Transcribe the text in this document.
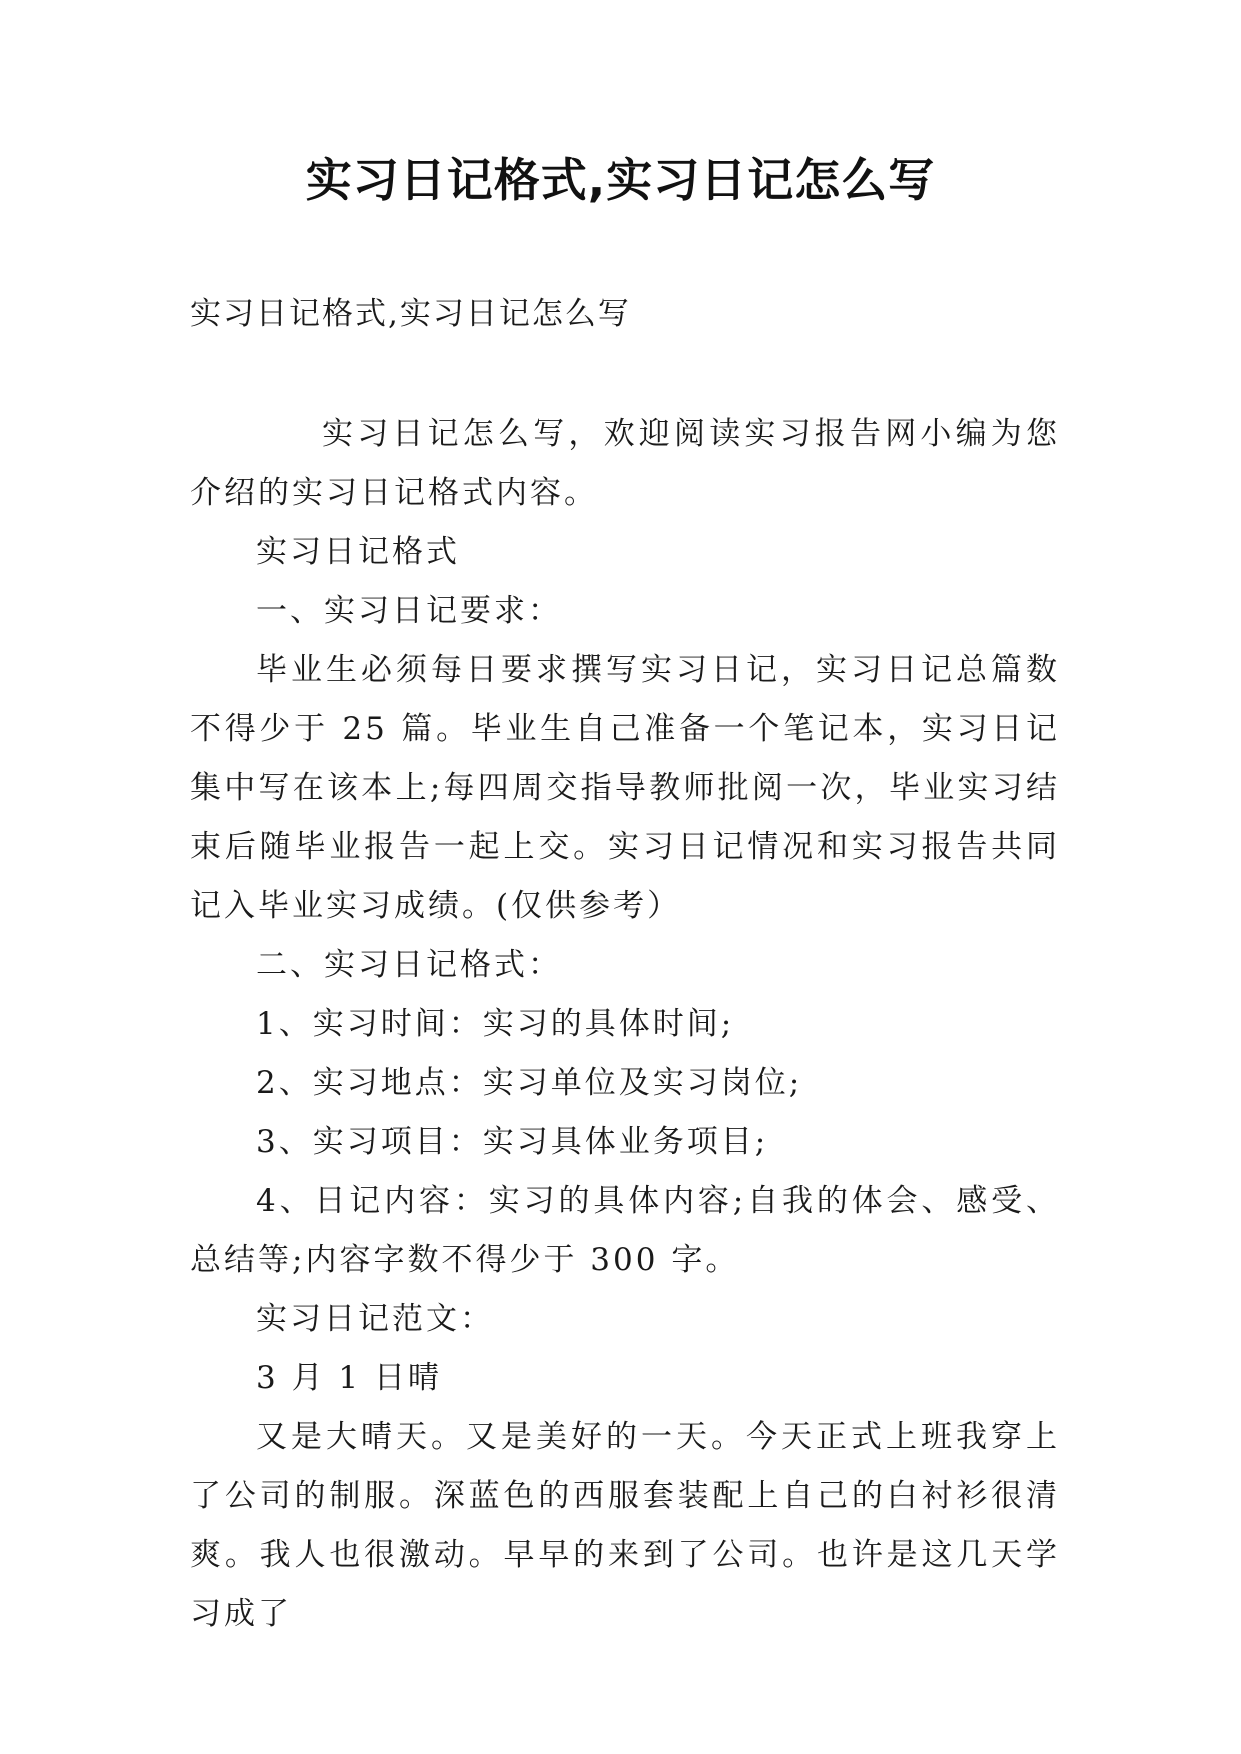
实习日记格式,实习日记怎么写
实习日记格式,实习日记怎么写

实习日记怎么写，欢迎阅读实习报告网小编为您介绍的实习日记格式内容。

实习日记格式

一、实习日记要求：

毕业生必须每日要求撰写实习日记，实习日记总篇数不得少于 25 篇。毕业生自己准备一个笔记本，实习日记集中写在该本上;每四周交指导教师批阅一次，毕业实习结束后随毕业报告一起上交。实习日记情况和实习报告共同记入毕业实习成绩。(仅供参考）

二、实习日记格式：

1、实习时间：实习的具体时间;

2、实习地点：实习单位及实习岗位;

3、实习项目：实习具体业务项目;

4、日记内容：实习的具体内容;自我的体会、感受、总结等;内容字数不得少于 300 字。

实习日记范文：

3 月 1 日晴

又是大晴天。又是美好的一天。今天正式上班我穿上了公司的制服。深蓝色的西服套装配上自己的白衬衫很清爽。我人也很激动。早早的来到了公司。也许是这几天学习成了
